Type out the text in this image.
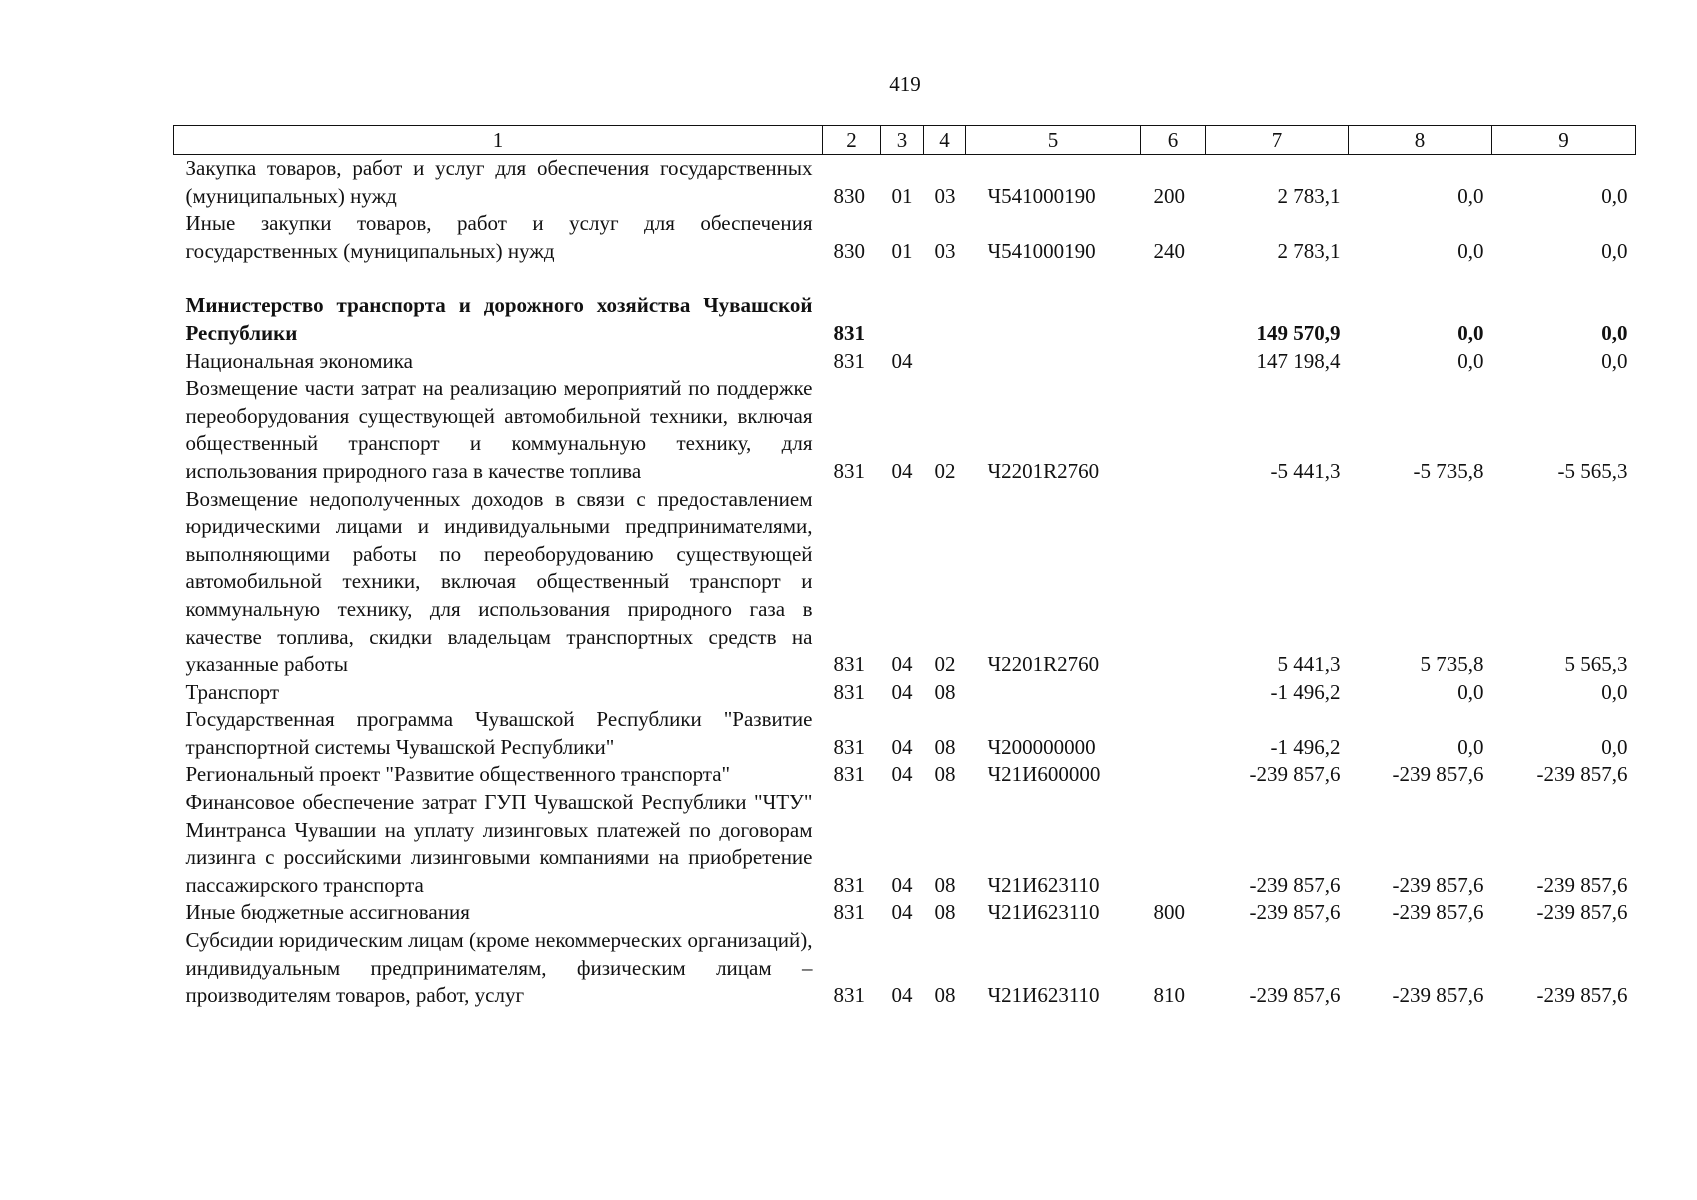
419
1	2	3	4	5	6	7	8	9
Закупка товаров, работ и услуг для обеспечения государственных (муниципальных) нужд	830	01	03	Ч541000190	200	2 783,1	0,0	0,0
Иные закупки товаров, работ и услуг для обеспечения государственных (муниципальных) нужд	830	01	03	Ч541000190	240	2 783,1	0,0	0,0

Министерство транспорта и дорожного хозяйства Чувашской Республики	831					149 570,9	0,0	0,0
Национальная экономика	831	04				147 198,4	0,0	0,0
Возмещение части затрат на реализацию мероприятий по поддержке переоборудования существующей автомобильной техники, включая общественный транспорт и коммунальную технику, для использования природного газа в качестве топлива	831	04	02	Ч2201R2760		-5 441,3	-5 735,8	-5 565,3
Возмещение недополученных доходов в связи с предоставлением юридическими лицами и индивидуальными предпринимателями, выполняющими работы по переоборудованию существующей автомобильной техники, включая общественный транспорт и коммунальную технику, для использования природного газа в качестве топлива, скидки владельцам транспортных средств на указанные работы	831	04	02	Ч2201R2760		5 441,3	5 735,8	5 565,3
Транспорт	831	04	08			-1 496,2	0,0	0,0
Государственная программа Чувашской Республики "Развитие транспортной системы Чувашской Республики"	831	04	08	Ч200000000		-1 496,2	0,0	0,0
Региональный проект "Развитие общественного транспорта"	831	04	08	Ч21И600000		-239 857,6	-239 857,6	-239 857,6
Финансовое обеспечение затрат ГУП Чувашской Республики "ЧТУ" Минтранса Чувашии на уплату лизинговых платежей по договорам лизинга с российскими лизинговыми компаниями на приобретение пассажирского транспорта	831	04	08	Ч21И623110		-239 857,6	-239 857,6	-239 857,6
Иные бюджетные ассигнования	831	04	08	Ч21И623110	800	-239 857,6	-239 857,6	-239 857,6
Субсидии юридическим лицам (кроме некоммерческих организаций), индивидуальным предпринимателям, физическим лицам – производителям товаров, работ, услуг	831	04	08	Ч21И623110	810	-239 857,6	-239 857,6	-239 857,6
